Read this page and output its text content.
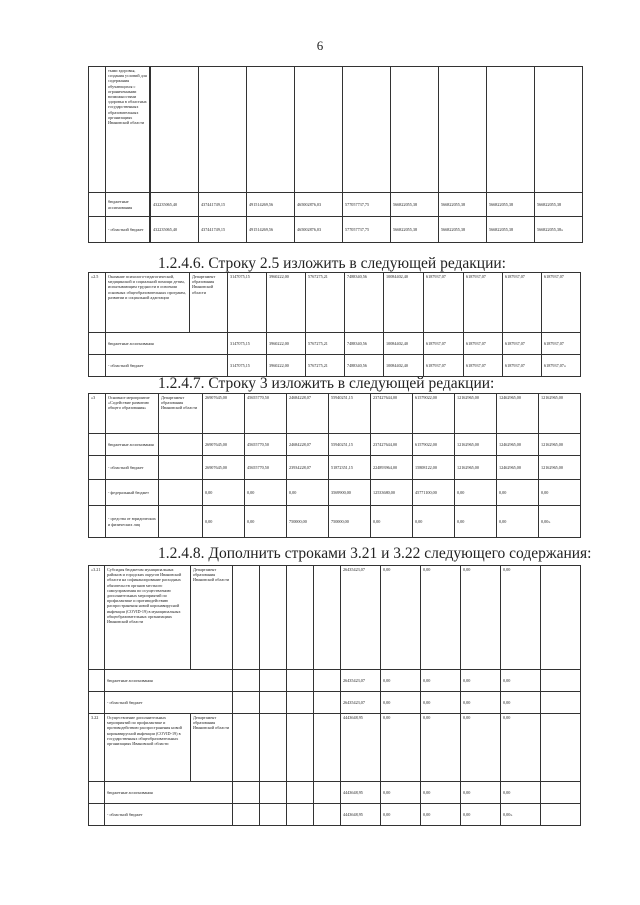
6
	тыми здоровья, создания условий для содержания обучающихся с ограниченными возможностями здоровья в областных государственных образовательных организациях Ивановской области										
	бюджетные ассигнования		432235065,40	437441749,15	491514269,56	465002876,03	577057737,75	566822055,38	566822055,38	566822055,38	566822055,38
	- областной бюджет		432235065,40	437441749,15	491514269,56	465002876,03	577057737,75	566822055,38	566822055,38	566822055,38	566822055,38»
1.2.4.6. Строку 2.5 изложить в следующей редакции:
«2.5	Оказание психолого-педагогической, медицинской и социальной помощи детям, испытывающим трудности в освоении основных общеобразовательных программ, развитии и социальной адаптации	Департамент образования Ивановской области	3147075,15	3960222,00	5767275,21	7488340,56	10084402,40	6187937,07	6187937,07	6187937,07	6187937,07
	бюджетные ассигнования		3147075,15	3960222,00	5767275,21	7488340,56	10084402,40	6187937,07	6187937,07	6187937,07	6187937,07
	- областной бюджет		3147075,15	3960222,00	5767275,21	7488340,56	10084402,40	6187937,07	6187937,07	6187937,07	6187937,07»
1.2.4.7. Строку 3 изложить в следующей редакции:
«3	Основное мероприятие «Содействие развитию общего образования»	Департамент образования Ивановской области	26907645,00	45655770,50	24684228,07	55940251,15	237427644,00	61579022,00	12162965,00	12462965,00	12162965,00
	бюджетные ассигнования		26907645,00	45655770,50	24684228,07	55940251,15	237427644,00	61579022,00	12162965,00	12462965,00	12162965,00
	- областной бюджет		26907645,00	45655770,50	23934228,07	51872351,15	224893964,00	15808122,00	12162965,00	12462965,00	12162965,00
	- федеральный бюджет		0,00	0,00	0,00	3569900,00	12533680,00	45771100,00	0,00	0,00	0,00
	- средства от юридических и физических лиц		0,00	0,00	750000,00	750000,00	0,00	0,00	0,00	0,00	0,00»
1.2.4.8. Дополнить строками 3.21 и 3.22 следующего содержания:
«3.21	Субсидия бюджетам муниципальных районов и городских округов Ивановской области на софинансирование расходных обязательств органов местного самоуправления по осуществлению дополнительных мероприятий по профилактике и противодействию распространения новой коронавирусной инфекции (COVID-19) в муниципальных общеобразовательных организациях Ивановской области	Департамент образования Ивановской области					26435423,07	0,00	0,00	0,00	0,00	
	бюджетные ассигнования						26435423,07	0,00	0,00	0,00	0,00	
	- областной бюджет						26435423,07	0,00	0,00	0,00	0,00	
3.22	Осуществление дополнительных мероприятий по профилактике и противодействию распространения новой коронавирусной инфекции (COVID-19) в государственных общеобразовательных организациях Ивановской области	Департамент образования Ивановской области					4443648,95	0,00	0,00	0,00	0,00	
	бюджетные ассигнования						4443648,95	0,00	0,00	0,00	0,00	
	- областной бюджет						4443648,95	0,00	0,00	0,00	0,00»	
